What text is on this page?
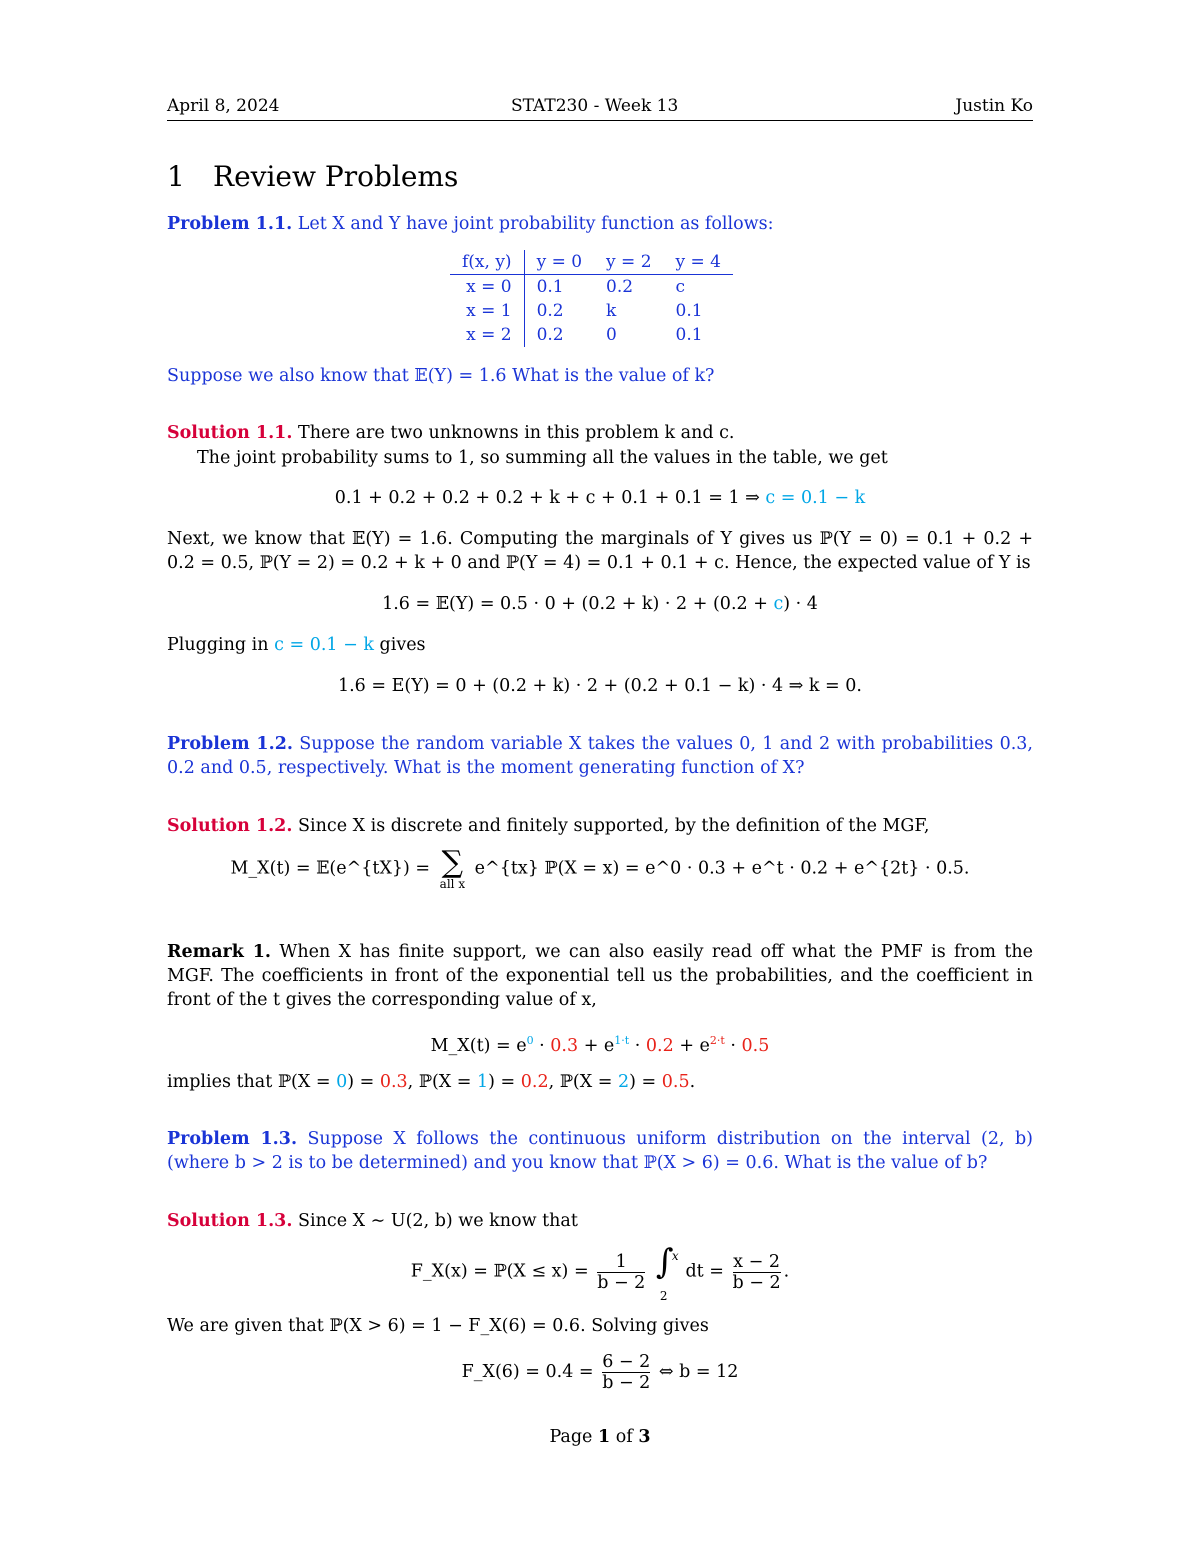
April 8, 2024	STAT230 - Week 13	Justin Ko
1 Review Problems
Problem 1.1. Let X and Y have joint probability function as follows:
f(x, y)	y = 0	y = 2	y = 4
x = 0	0.1	0.2	c
x = 1	0.2	k	0.1
x = 2	0.2	0	0.1
Suppose we also know that 𝔼(Y) = 1.6 What is the value of k?
Solution 1.1. There are two unknowns in this problem k and c.
The joint probability sums to 1, so summing all the values in the table, we get
0.1 + 0.2 + 0.2 + 0.2 + k + c + 0.1 + 0.1 = 1 ⇒ c = 0.1 − k
Next, we know that 𝔼(Y) = 1.6. Computing the marginals of Y gives us ℙ(Y = 0) = 0.1 + 0.2 + 0.2 = 0.5, ℙ(Y = 2) = 0.2 + k + 0 and ℙ(Y = 4) = 0.1 + 0.1 + c. Hence, the expected value of Y is
1.6 = 𝔼(Y) = 0.5 · 0 + (0.2 + k) · 2 + (0.2 + c) · 4
Plugging in c = 0.1 − k gives
1.6 = E(Y) = 0 + (0.2 + k) · 2 + (0.2 + 0.1 − k) · 4 ⇒ k = 0.
Problem 1.2. Suppose the random variable X takes the values 0, 1 and 2 with probabilities 0.3, 0.2 and 0.5, respectively. What is the moment generating function of X?
Solution 1.2. Since X is discrete and finitely supported, by the definition of the MGF,
M_X(t) = 𝔼(e^{tX}) = ∑
all x
e^{tx} ℙ(X = x) = e^0 · 0.3 + e^t · 0.2 + e^{2t} · 0.5.
Remark 1. When X has finite support, we can also easily read off what the PMF is from the MGF. The coefficients in front of the exponential tell us the probabilities, and the coefficient in front of the t gives the corresponding value of x,
M_X(t) = $e^0 \cdot 0.3 + e^{1\cdot t} \cdot 0.2 + e^{2\cdot t} \cdot 0.5$
implies that ℙ(X = 0) = 0.3, ℙ(X = 1) = 0.2, ℙ(X = 2) = 0.5.
Problem 1.3. Suppose X follows the continuous uniform distribution on the interval (2, b) (where b > 2 is to be determined) and you know that ℙ(X > 6) = 0.6. What is the value of b?
Solution 1.3. Since X ∼ U(2, b) we know that
F_X(x) = ℙ(X ≤ $x) = \frac{1}{b - 2}$
∫
x
2
dt = $\frac{x - 2}{b - 2}$ .
We are given that ℙ(X > 6) = 1 − F_X(6) = 0.6. Solving gives
F_X(6) = $0.4 = \frac{6 - 2}{b - 2}$ ⇔ b = 12
Page 1 of 3
